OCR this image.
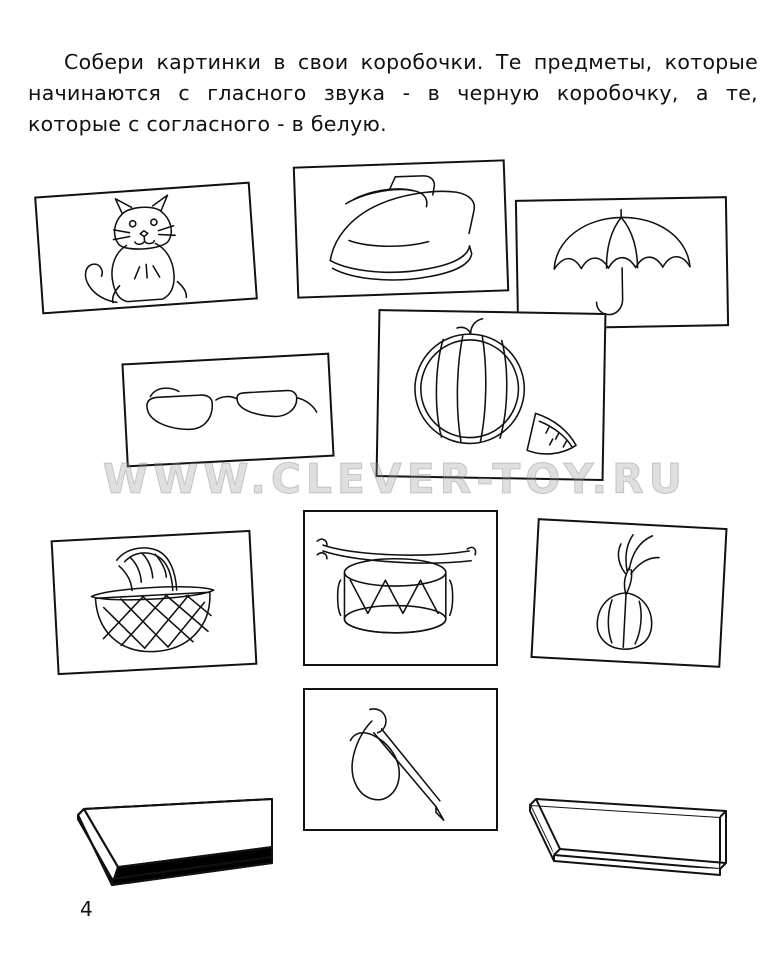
Собери картинки в свои коробочки. Те предметы, которые начинаются с гласного звука - в черную коробочку, а те, которые с согласного - в белую.

WWW.CLEVER-TOY.RU
4
